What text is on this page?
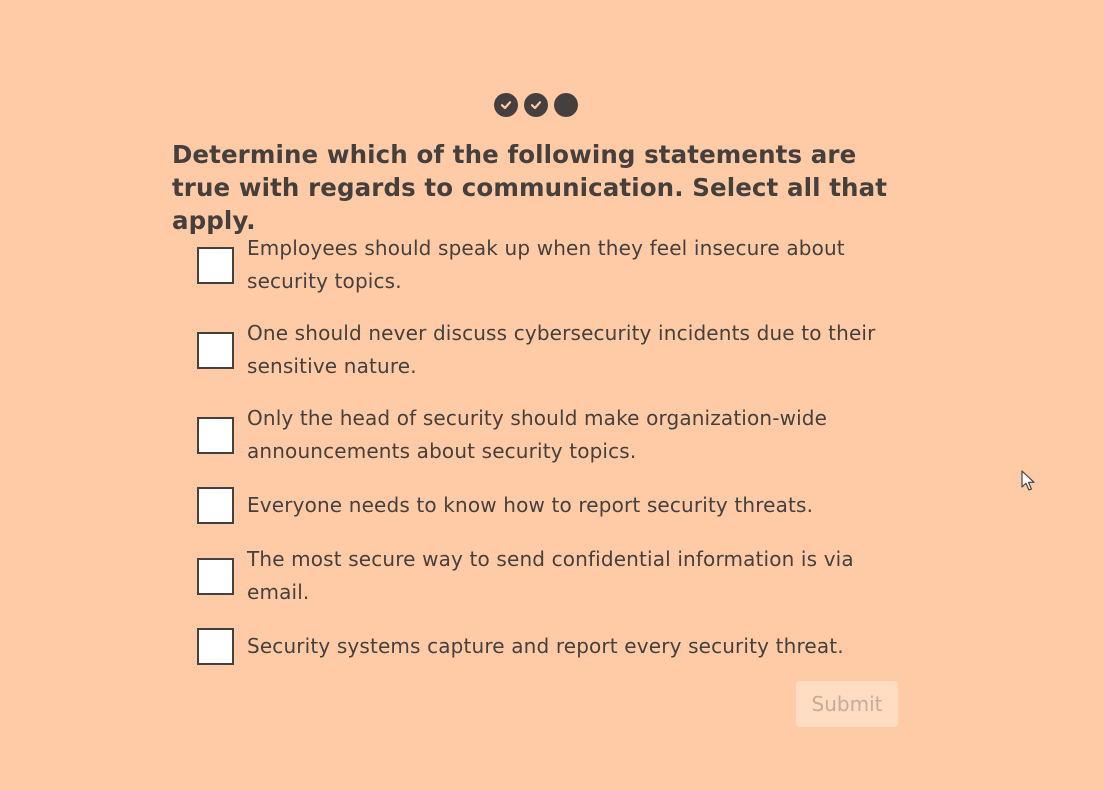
Determine which of the following statements are true with regards to communication. Select all that apply.
Employees should speak up when they feel insecure about security topics.
One should never discuss cybersecurity incidents due to their sensitive nature.
Only the head of security should make organization-wide announcements about security topics.
Everyone needs to know how to report security threats.
The most secure way to send confidential information is via email.
Security systems capture and report every security threat.
Submit
